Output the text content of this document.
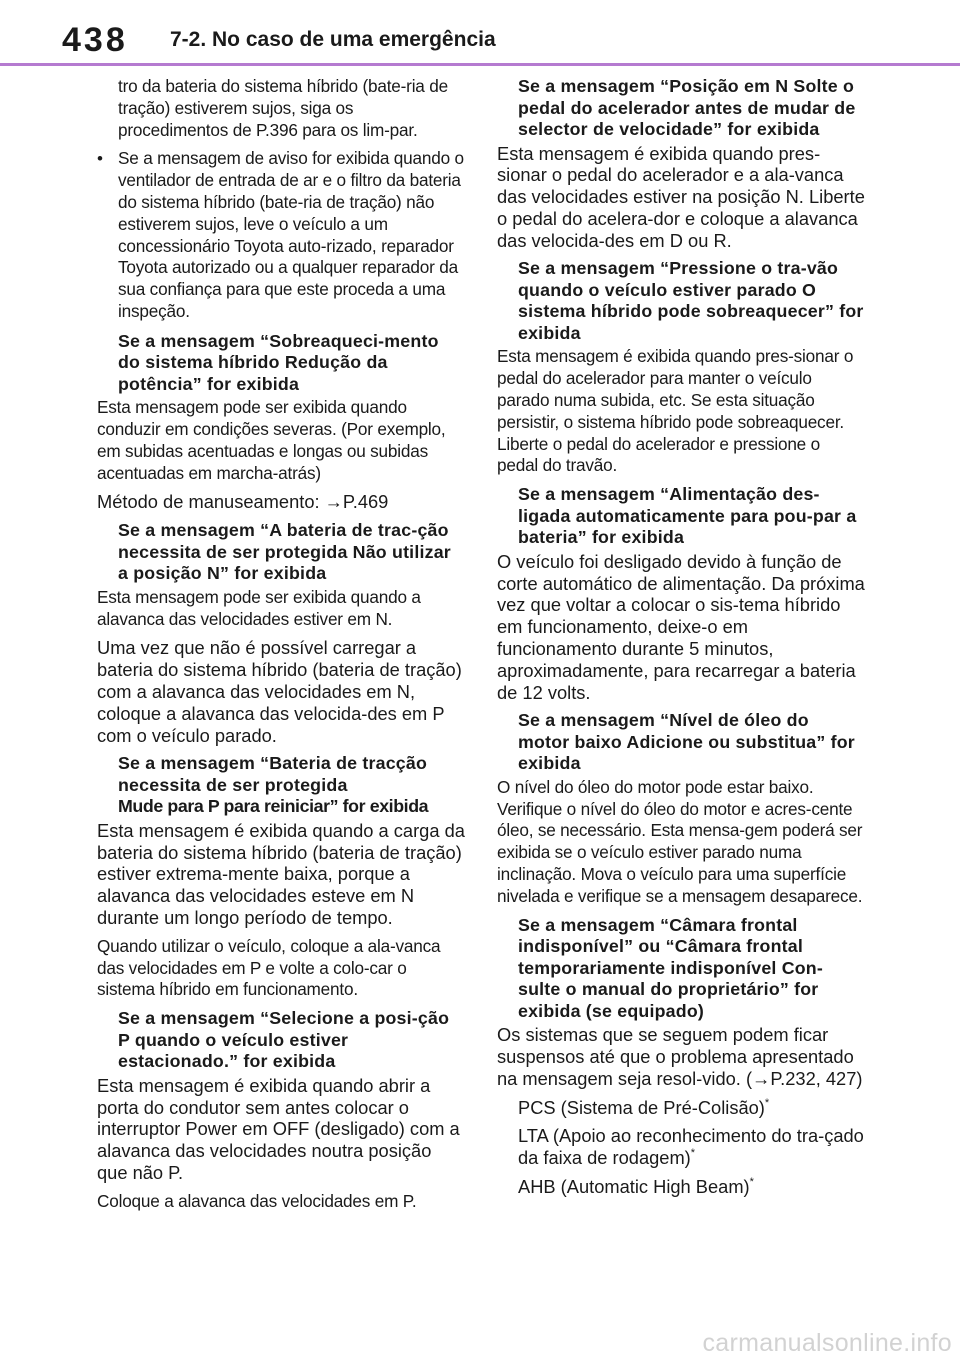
438 7-2. No caso de uma emergência

tro da bateria do sistema híbrido (bate-ria de tração) estiverem sujos, siga os procedimentos de P.396 para os lim-par.

• Se a mensagem de aviso for exibida quando o ventilador de entrada de ar e o filtro da bateria do sistema híbrido (bate-ria de tração) não estiverem sujos, leve o veículo a um concessionário Toyota auto-rizado, reparador Toyota autorizado ou a qualquer reparador da sua confiança para que este proceda a uma inspeção.

Se a mensagem “Sobreaqueci-mento do sistema híbrido Redução da potência” for exibida

Esta mensagem pode ser exibida quando conduzir em condições severas. (Por exemplo, em subidas acentuadas e longas ou subidas acentuadas em marcha-atrás)

Método de manuseamento: →P.469

Se a mensagem “A bateria de trac-ção necessita de ser protegida Não utilizar a posição N” for exibida

Esta mensagem pode ser exibida quando a alavanca das velocidades estiver em N.

Uma vez que não é possível carregar a bateria do sistema híbrido (bateria de tração) com a alavanca das velocidades em N, coloque a alavanca das velocida-des em P com o veículo parado.

Se a mensagem “Bateria de tracção necessita de ser protegida

Mude para P para reiniciar” for exibida

Esta mensagem é exibida quando a carga da bateria do sistema híbrido (bateria de tração) estiver extrema-mente baixa, porque a alavanca das velocidades esteve em N durante um longo período de tempo.

Quando utilizar o veículo, coloque a ala-vanca das velocidades em P e volte a colo-car o sistema híbrido em funcionamento.

Se a mensagem “Selecione a posi-ção P quando o veículo estiver estacionado.” for exibida

Esta mensagem é exibida quando abrir a porta do condutor sem antes colocar o interruptor Power em OFF (desligado) com a alavanca das velocidades noutra posição que não P.

Coloque a alavanca das velocidades em P.

Se a mensagem “Posição em N Solte o pedal do acelerador antes de mudar de selector de velocidade” for exibida

Esta mensagem é exibida quando pres-sionar o pedal do acelerador e a ala-vanca das velocidades estiver na posição N. Liberte o pedal do acelera-dor e coloque a alavanca das velocida-des em D ou R.

Se a mensagem “Pressione o tra-vão quando o veículo estiver parado O sistema híbrido pode sobreaquecer” for exibida

Esta mensagem é exibida quando pres-sionar o pedal do acelerador para manter o veículo parado numa subida, etc. Se esta situação persistir, o sistema híbrido pode sobreaquecer. Liberte o pedal do acelerador e pressione o pedal do travão.

Se a mensagem “Alimentação des-ligada automaticamente para pou-par a bateria” for exibida

O veículo foi desligado devido à função de corte automático de alimentação. Da próxima vez que voltar a colocar o sis-tema híbrido em funcionamento, deixe-o em funcionamento durante 5 minutos, aproximadamente, para recarregar a bateria de 12 volts.

Se a mensagem “Nível de óleo do motor baixo Adicione ou substitua” for exibida

O nível do óleo do motor pode estar baixo. Verifique o nível do óleo do motor e acres-cente óleo, se necessário. Esta mensa-gem poderá ser exibida se o veículo estiver parado numa inclinação. Mova o veículo para uma superfície nivelada e verifique se a mensagem desaparece.

Se a mensagem “Câmara frontal indisponível” ou “Câmara frontal temporariamente indisponível Con-sulte o manual do proprietário” for exibida (se equipado)

Os sistemas que se seguem podem ficar suspensos até que o problema apresentado na mensagem seja resol-vido. (→P.232, 427)

PCS (Sistema de Pré-Colisão)*

LTA (Apoio ao reconhecimento do tra-çado da faixa de rodagem)*

AHB (Automatic High Beam)*

carmanualsonline.info
